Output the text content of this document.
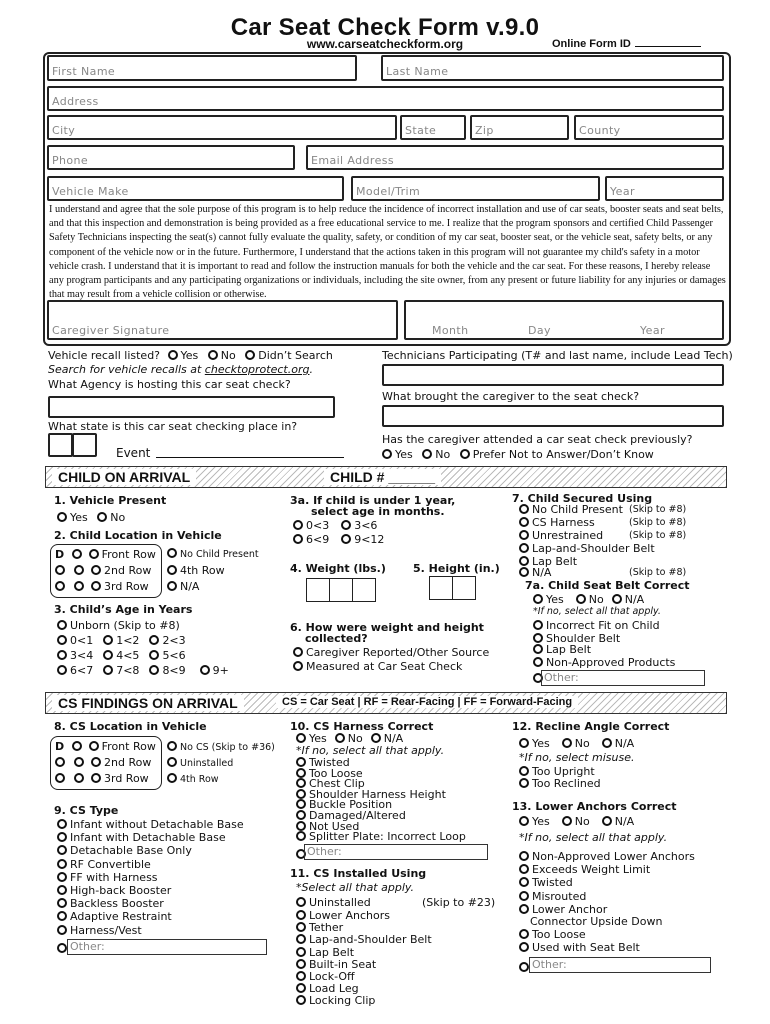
Car Seat Check Form v.9.0
www.carseatcheckform.org	Online Form ID
First Name	Last Name
Address
City	State	Zip	County
Phone	Email Address
Vehicle Make	Model/Trim	Year
I understand and agree that the sole purpose of this program is to help reduce the incidence of incorrect installation and use of car seats, booster seats and seat belts, and that this inspection and demonstration is being provided as a free educational service to me. I realize that the program sponsors and certified Child Passenger Safety Technicians inspecting the seat(s) cannot fully evaluate the quality, safety, or condition of my car seat, booster seat, or the vehicle seat, safety belts, or any component of the vehicle now or in the future. Furthermore, I understand that the actions taken in this program will not guarantee my child's safety in a motor vehicle crash. I understand that it is important to read and follow the instruction manuals for both the vehicle and the car seat. For these reasons, I hereby release any program participants and any participating organizations or individuals, including the site owner, from any present or future liability for any injuries or damages that may result from a vehicle collision or otherwise.
Caregiver Signature	Month	Day	Year
Vehicle recall listed? Yes No Didn’t Search
Search for vehicle recalls at checktoprotect.org.
What Agency is hosting this car seat check?
What state is this car seat checking place in?
Event
Technicians Participating (T# and last name, include Lead Tech)
What brought the caregiver to the seat check?
Has the caregiver attended a car seat check previously?
Yes No Prefer Not to Answer/Don’t Know
CHILD ON ARRIVAL	CHILD # ______
1. Vehicle Present
Yes No
2. Child Location in Vehicle
D	Front Row
2nd Row
3rd Row
No Child Present
4th Row
N/A
3. Child’s Age in Years
Unborn (Skip to #8)
0<1 1<2 2<3
3<4 4<5 5<6
6<7 7<8 8<9 9+
3a. If child is under 1 year,
select age in months.
0<3 3<6
6<9 9<12
4. Weight (lbs.) 5. Height (in.)
6. How were weight and height
collected?
Caregiver Reported/Other Source
Measured at Car Seat Check
7. Child Secured Using
No Child Present (Skip to #8)
CS Harness	(Skip to #8)
Unrestrained	(Skip to #8)
Lap-and-Shoulder Belt
Lap Belt
N/A	(Skip to #8)
7a. Child Seat Belt Correct
Yes No N/A
*If no, select all that apply.
Incorrect Fit on Child
Shoulder Belt
Lap Belt
Non-Approved Products
Other:
CS FINDINGS ON ARRIVAL	CS = Car Seat | RF = Rear-Facing | FF = Forward-Facing
8. CS Location in Vehicle
D	Front Row
2nd Row
3rd Row
No CS (Skip to #36)
Uninstalled
4th Row
9. CS Type
Infant without Detachable Base
Infant with Detachable Base
Detachable Base Only
RF Convertible
FF with Harness
High-back Booster
Backless Booster
Adaptive Restraint
Harness/Vest
Other:
10. CS Harness Correct
Yes No N/A
*If no, select all that apply.
Twisted
Too Loose
Chest Clip
Shoulder Harness Height
Buckle Position
Damaged/Altered
Not Used
Splitter Plate: Incorrect Loop
Other:
11. CS Installed Using
*Select all that apply.
Uninstalled	(Skip to #23)
Lower Anchors
Tether
Lap-and-Shoulder Belt
Lap Belt
Built-in Seat
Lock-Off
Load Leg
Locking Clip
12. Recline Angle Correct
Yes No N/A
*If no, select misuse.
Too Upright
Too Reclined
13. Lower Anchors Correct
Yes No N/A
*If no, select all that apply.
Non-Approved Lower Anchors
Exceeds Weight Limit
Twisted
Misrouted
Lower Anchor
Connector Upside Down
Too Loose
Used with Seat Belt
Other:
